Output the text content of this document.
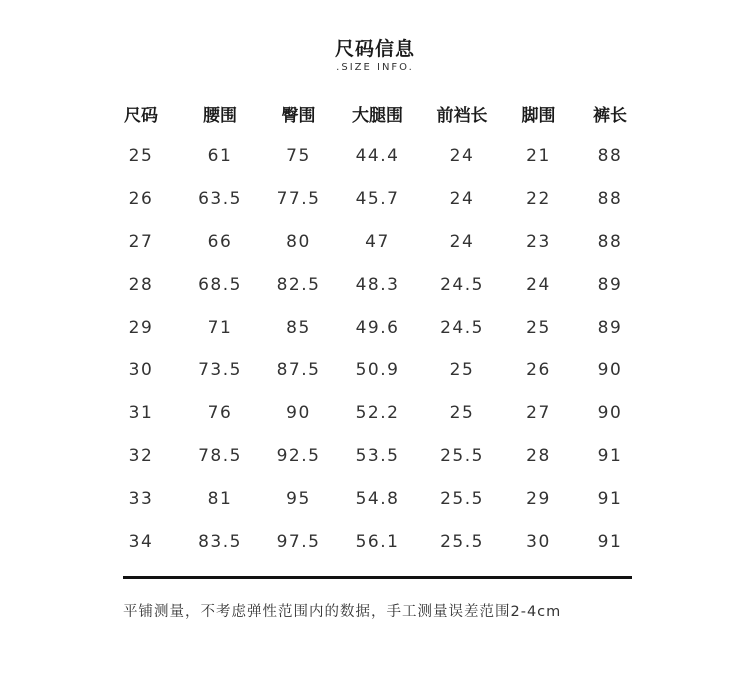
尺码信息
.SIZE INFO.
尺码	腰围	臀围	大腿围	前裆长	脚围	裤长
25	61	75	44.4	24	21	88
26	63.5	77.5	45.7	24	22	88
27	66	80	47	24	23	88
28	68.5	82.5	48.3	24.5	24	89
29	71	85	49.6	24.5	25	89
30	73.5	87.5	50.9	25	26	90
31	76	90	52.2	25	27	90
32	78.5	92.5	53.5	25.5	28	91
33	81	95	54.8	25.5	29	91
34	83.5	97.5	56.1	25.5	30	91
平铺测量，不考虑弹性范围内的数据，手工测量误差范围2-4cm
